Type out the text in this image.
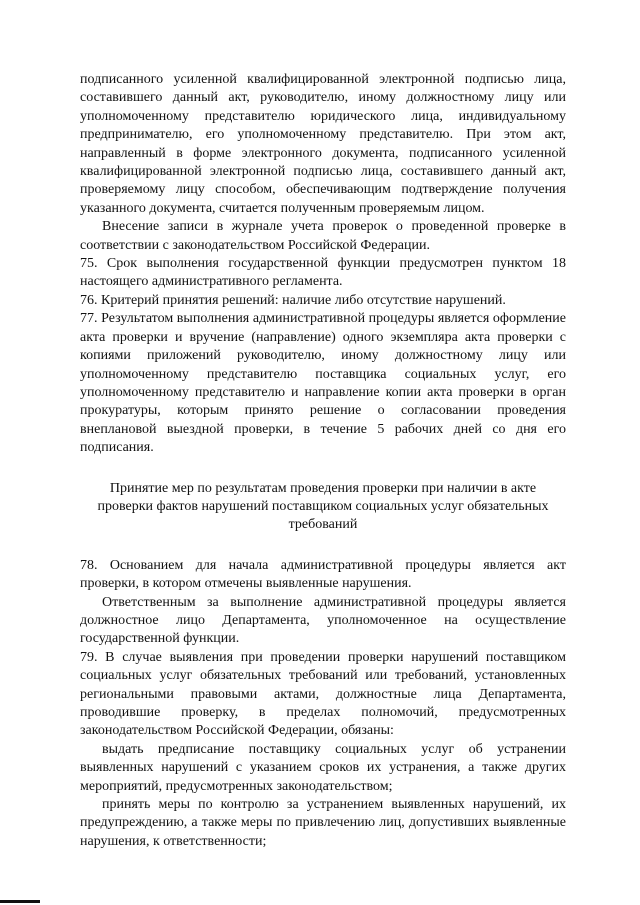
подписанного усиленной квалифицированной электронной подписью лица, составившего данный акт, руководителю, иному должностному лицу или уполномоченному представителю юридического лица, индивидуальному предпринимателю, его уполномоченному представителю. При этом акт, направленный в форме электронного документа, подписанного усиленной квалифицированной электронной подписью лица, составившего данный акт, проверяемому лицу способом, обеспечивающим подтверждение получения указанного документа, считается полученным проверяемым лицом.

Внесение записи в журнале учета проверок о проведенной проверке в соответствии с законодательством Российской Федерации.

75. Срок выполнения государственной функции предусмотрен пунктом 18 настоящего административного регламента.

76. Критерий принятия решений: наличие либо отсутствие нарушений.

77. Результатом выполнения административной процедуры является оформление акта проверки и вручение (направление) одного экземпляра акта проверки с копиями приложений руководителю, иному должностному лицу или уполномоченному представителю поставщика социальных услуг, его уполномоченному представителю и направление копии акта проверки в орган прокуратуры, которым принято решение о согласовании проведения внеплановой выездной проверки, в течение 5 рабочих дней со дня его подписания.

Принятие мер по результатам проведения проверки при наличии в акте проверки фактов нарушений поставщиком социальных услуг обязательных требований

78. Основанием для начала административной процедуры является акт проверки, в котором отмечены выявленные нарушения.

Ответственным за выполнение административной процедуры является должностное лицо Департамента, уполномоченное на осуществление государственной функции.

79. В случае выявления при проведении проверки нарушений поставщиком социальных услуг обязательных требований или требований, установленных региональными правовыми актами, должностные лица Департамента, проводившие проверку, в пределах полномочий, предусмотренных законодательством Российской Федерации, обязаны:

выдать предписание поставщику социальных услуг об устранении выявленных нарушений с указанием сроков их устранения, а также других мероприятий, предусмотренных законодательством;

принять меры по контролю за устранением выявленных нарушений, их предупреждению, а также меры по привлечению лиц, допустивших выявленные нарушения, к ответственности;
